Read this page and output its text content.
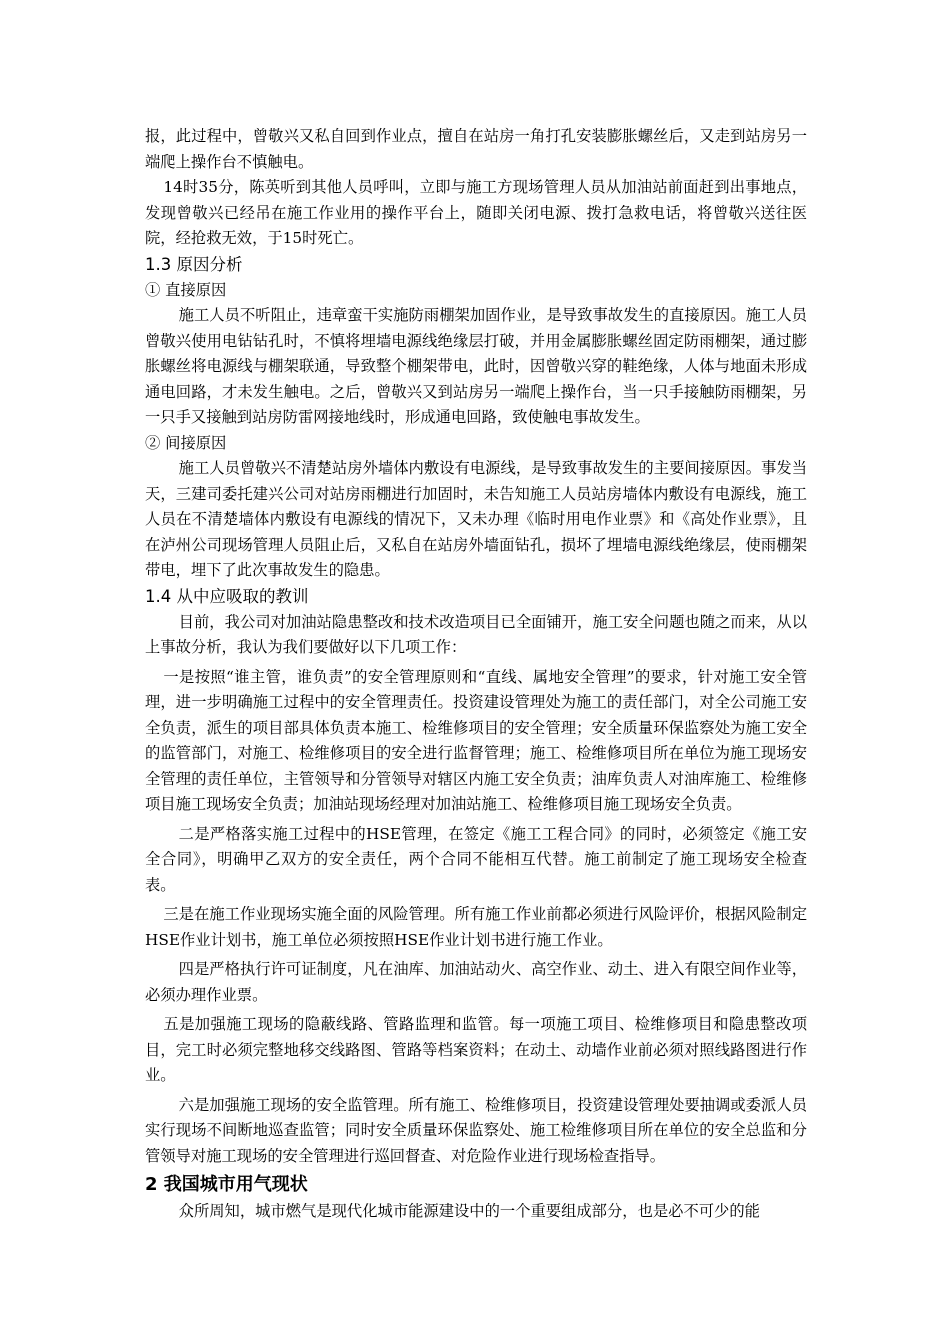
报，此过程中，曾敬兴又私自回到作业点，擅自在站房一角打孔安装膨胀螺丝后，又走到站房另一端爬上操作台不慎触电。

14时35分，陈英听到其他人员呼叫，立即与施工方现场管理人员从加油站前面赶到出事地点，发现曾敬兴已经吊在施工作业用的操作平台上，随即关闭电源、拨打急救电话，将曾敬兴送往医院，经抢救无效，于15时死亡。

1.3 原因分析

① 直接原因

施工人员不听阻止，违章蛮干实施防雨棚架加固作业，是导致事故发生的直接原因。施工人员曾敬兴使用电钻钻孔时，不慎将埋墙电源线绝缘层打破，并用金属膨胀螺丝固定防雨棚架，通过膨胀螺丝将电源线与棚架联通，导致整个棚架带电，此时，因曾敬兴穿的鞋绝缘，人体与地面未形成通电回路，才未发生触电。之后，曾敬兴又到站房另一端爬上操作台，当一只手接触防雨棚架，另一只手又接触到站房防雷网接地线时，形成通电回路，致使触电事故发生。

② 间接原因

施工人员曾敬兴不清楚站房外墙体内敷设有电源线，是导致事故发生的主要间接原因。事发当天，三建司委托建兴公司对站房雨棚进行加固时，未告知施工人员站房墙体内敷设有电源线，施工人员在不清楚墙体内敷设有电源线的情况下，又未办理《临时用电作业票》和《高处作业票》，且在泸州公司现场管理人员阻止后，又私自在站房外墙面钻孔，损坏了埋墙电源线绝缘层，使雨棚架带电，埋下了此次事故发生的隐患。

1.4 从中应吸取的教训

目前，我公司对加油站隐患整改和技术改造项目已全面铺开，施工安全问题也随之而来，从以上事故分析，我认为我们要做好以下几项工作：

一是按照“谁主管，谁负责”的安全管理原则和“直线、属地安全管理”的要求，针对施工安全管理，进一步明确施工过程中的安全管理责任。投资建设管理处为施工的责任部门，对全公司施工安全负责，派生的项目部具体负责本施工、检维修项目的安全管理；安全质量环保监察处为施工安全的监管部门，对施工、检维修项目的安全进行监督管理；施工、检维修项目所在单位为施工现场安全管理的责任单位，主管领导和分管领导对辖区内施工安全负责；油库负责人对油库施工、检维修项目施工现场安全负责；加油站现场经理对加油站施工、检维修项目施工现场安全负责。

二是严格落实施工过程中的HSE管理，在签定《施工工程合同》的同时，必须签定《施工安全合同》，明确甲乙双方的安全责任，两个合同不能相互代替。施工前制定了施工现场安全检查表。

三是在施工作业现场实施全面的风险管理。所有施工作业前都必须进行风险评价，根据风险制定HSE作业计划书，施工单位必须按照HSE作业计划书进行施工作业。

四是严格执行许可证制度，凡在油库、加油站动火、高空作业、动土、进入有限空间作业等，必须办理作业票。

五是加强施工现场的隐蔽线路、管路监理和监管。每一项施工项目、检维修项目和隐患整改项目，完工时必须完整地移交线路图、管路等档案资料；在动土、动墙作业前必须对照线路图进行作业。

六是加强施工现场的安全监管理。所有施工、检维修项目，投资建设管理处要抽调或委派人员实行现场不间断地巡查监管；同时安全质量环保监察处、施工检维修项目所在单位的安全总监和分管领导对施工现场的安全管理进行巡回督查、对危险作业进行现场检查指导。

2 我国城市用气现状

众所周知，城市燃气是现代化城市能源建设中的一个重要组成部分，也是必不可少的能
